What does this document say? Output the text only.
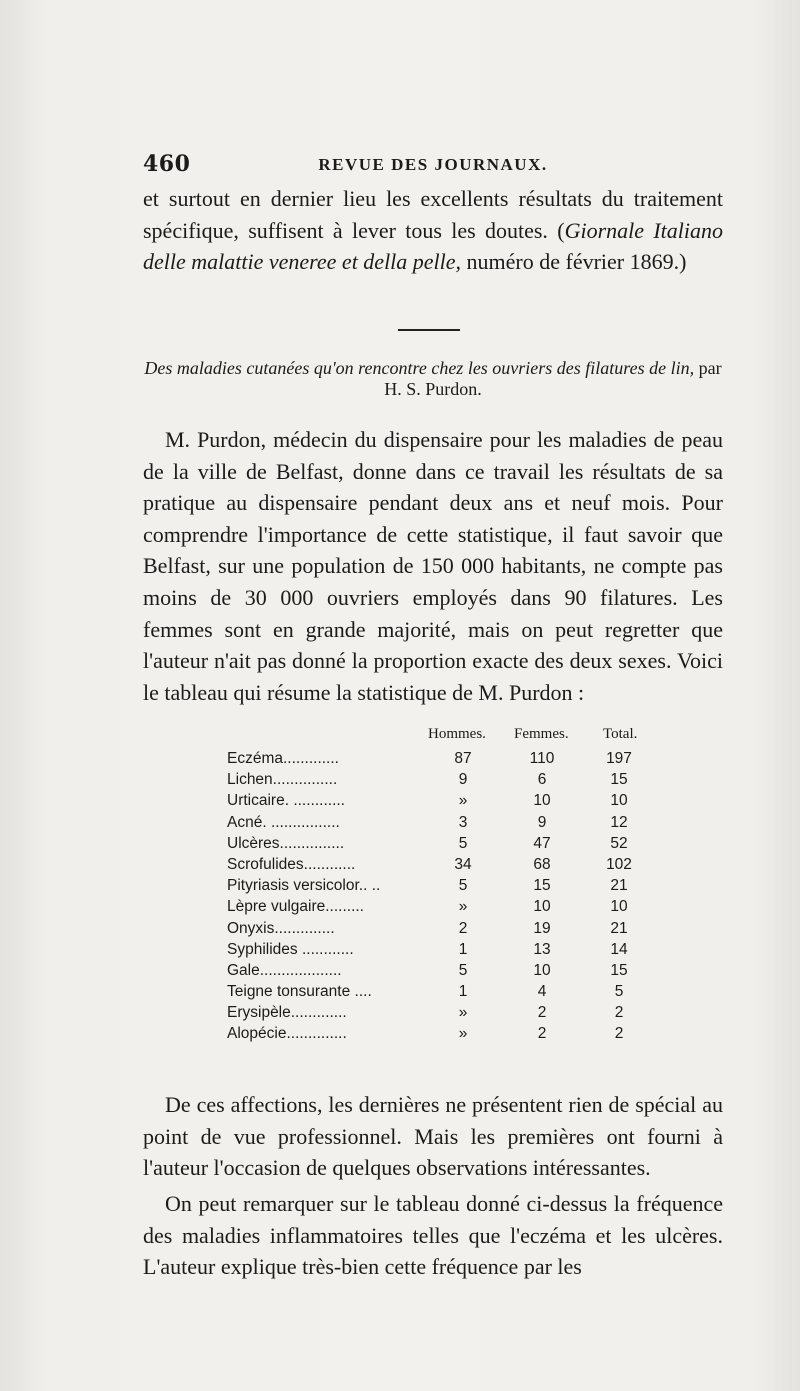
460	REVUE DES JOURNAUX.

et surtout en dernier lieu les excellents résultats du traitement spécifique, suffisent à lever tous les doutes. (Giornale Italiano delle malattie veneree et della pelle, numéro de février 1869.)

Des maladies cutanées qu'on rencontre chez les ouvriers des filatures de lin, par H. S. Purdon.

M. Purdon, médecin du dispensaire pour les maladies de peau de la ville de Belfast, donne dans ce travail les résultats de sa pratique au dispensaire pendant deux ans et neuf mois. Pour comprendre l'importance de cette statistique, il faut savoir que Belfast, sur une population de 150 000 habitants, ne compte pas moins de 30 000 ouvriers employés dans 90 filatures. Les femmes sont en grande majorité, mais on peut regretter que l'auteur n'ait pas donné la proportion exacte des deux sexes. Voici le tableau qui résume la statistique de M. Purdon :

Hommes. Femmes. Total.
Eczéma.............	87	110	197
Lichen...............	9	6	15
Urticaire. ............	»	10	10
Acné. ................	3	9	12
Ulcères...............	5	47	52
Scrofulides............	34	68	102
Pityriasis versicolor.. ..	5	15	21
Lèpre vulgaire.........	»	10	10
Onyxis..............	2	19	21
Syphilides ............	1	13	14
Gale...................	5	10	15
Teigne tonsurante ....	1	4	5
Erysipèle.............	»	2	2
Alopécie..............	»	2	2

De ces affections, les dernières ne présentent rien de spécial au point de vue professionnel. Mais les premières ont fourni à l'auteur l'occasion de quelques observations intéressantes.

On peut remarquer sur le tableau donné ci-dessus la fréquence des maladies inflammatoires telles que l'eczéma et les ulcères. L'auteur explique très-bien cette fréquence par les
